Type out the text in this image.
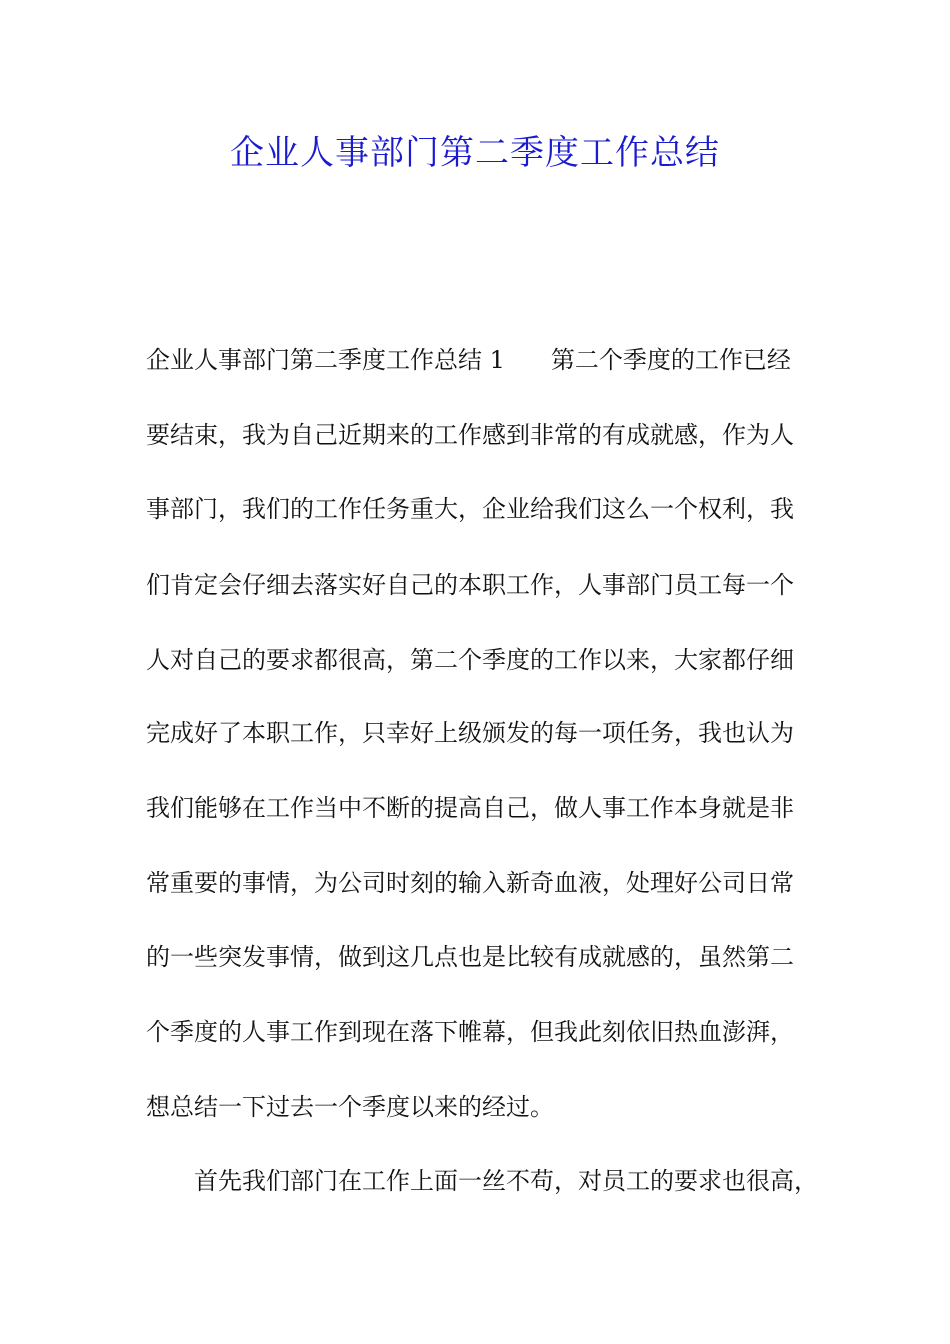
企业人事部门第二季度工作总结
企业人事部门第二季度工作总结 1 第二个季度的工作已经
要结束，我为自己近期来的工作感到非常的有成就感，作为人
事部门，我们的工作任务重大，企业给我们这么一个权利，我
们肯定会仔细去落实好自己的本职工作，人事部门员工每一个
人对自己的要求都很高，第二个季度的工作以来，大家都仔细
完成好了本职工作，只幸好上级颁发的每一项任务，我也认为
我们能够在工作当中不断的提高自己，做人事工作本身就是非
常重要的事情，为公司时刻的输入新奇血液，处理好公司日常
的一些突发事情，做到这几点也是比较有成就感的，虽然第二
个季度的人事工作到现在落下帷幕，但我此刻依旧热血澎湃，
想总结一下过去一个季度以来的经过。
首先我们部门在工作上面一丝不苟，对员工的要求也很高，
